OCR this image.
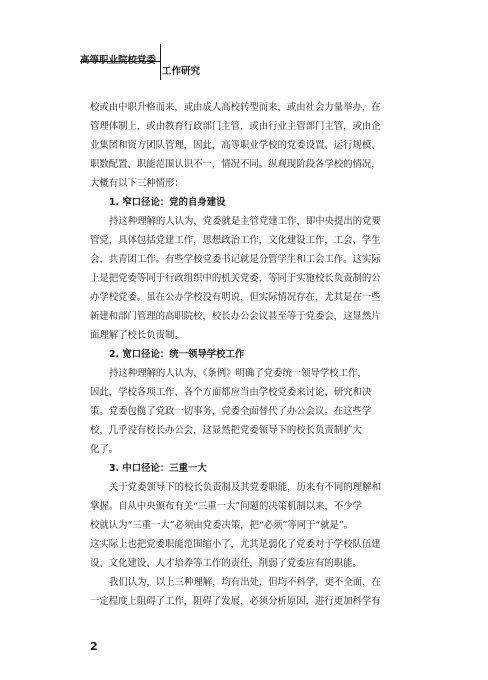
高等职业院校党委
工作研究

校或由中职升格而来，或由成人高校转型而来，或由社会力量举办，在
管理体制上，或由教育行政部门主管，或由行业主管部门主管，或由企
业集团和资方团队管理，因此，高等职业学校的党委设置、运行规模、
职数配置、职能范围认识不一，情况不同。纵观现阶段各学校的情况，
大概有以下三种情形：

1. 窄口径论：党的自身建设

持这种理解的人认为，党委就是主管党建工作，即中央提出的党要
管党，具体包括党建工作，思想政治工作，文化建设工作，工会、学生
会、共青团工作。有些学校党委书记就是分管学生和工会工作。这实际
上是把党委等同于行政组织中的机关党委，等同于实施校长负责制的公
办学校党委。虽在公办学校没有明说，但实际情况存在，尤其是在一些
新建和部门管理的高职院校，校长办公会议甚至等于党委会，这显然片
面理解了校长负责制。

2. 宽口径论：统一领导学校工作

持这种理解的人认为，《条例》明确了党委统一领导学校工作，
因此，学校各项工作、各个方面都应当由学校党委来讨论、研究和决
策。党委包揽了党政一切事务，党委全面替代了办公会议。在这些学
校，几乎没有校长办公会，这显然把党委领导下的校长负责制扩大
化了。

3. 中口径论：三重一大

关于党委领导下的校长负责制及其党委职能，历来有不同的理解和
掌握。自从中央颁布有关“三重一大”问题的决策机制以来，不少学
校就认为“三重一大”必须由党委决策，把“必须”等同于“就是”。
这实际上也把党委职能范围缩小了，尤其是弱化了党委对于学校队伍建
设、文化建设、人才培养等工作的责任，削弱了党委应有的职能。

我们认为，以上三种理解，均有出处，但均不科学，更不全面，在
一定程度上阻碍了工作，阻碍了发展，必须分析原因，进行更加科学有

2
